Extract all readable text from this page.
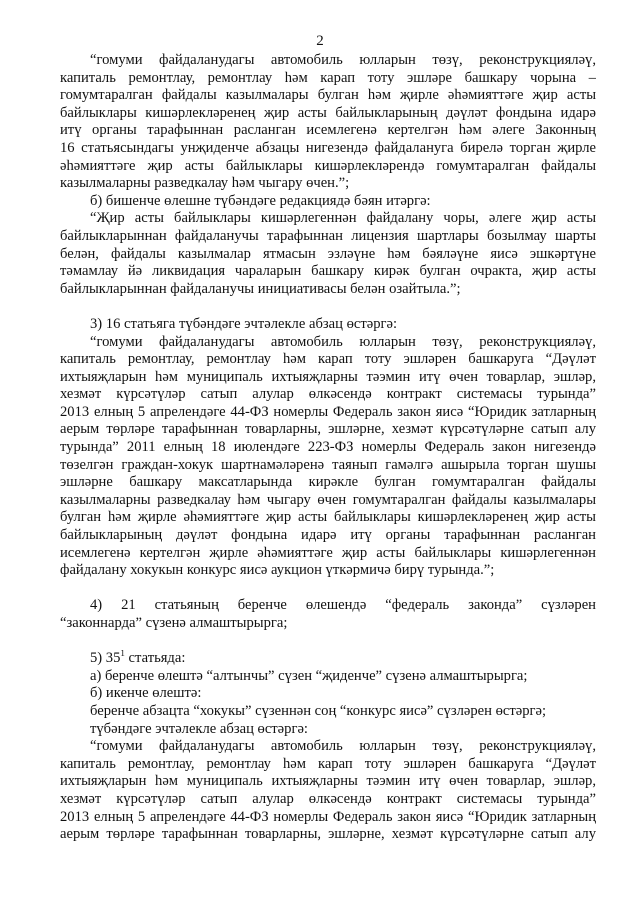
2
“гомуми файдаланудагы автомобиль юлларын төзү, реконструкцияләү,
капиталь ремонтлау, ремонтлау һәм карап тоту эшләре башкару чорына –
гомумтаралган файдалы казылмалары булган һәм җирле әһәмияттәге җир асты
байлыклары кишәрлекләренең җир асты байлыкларының дәүләт фондына идарә
итү органы тарафыннан расланган исемлегенә кертелгән һәм әлеге Законның
16 статьясындагы унҗиденче абзацы нигезендә файдалануга бирелә торган җирле
әһәмияттәге җир асты байлыклары кишәрлекләрендә гомумтаралган файдалы
казылмаларны разведкалау һәм чыгару өчен.”;
б) бишенче өлешне түбәндәге редакциядә бәян итәргә:
“Җир асты байлыклары кишәрлегеннән файдалану чоры, әлеге җир асты
байлыкларыннан файдаланучы тарафыннан лицензия шартлары бозылмау шарты
белән, файдалы казылмалар ятмасын эзләүне һәм бәяләүне яисә эшкәртүне
тәмамлау йә ликвидация чараларын башкару кирәк булган очракта, җир асты
байлыкларыннан файдаланучы инициативасы белән озайтыла.”;
3) 16 статьяга түбәндәге эчтәлекле абзац өстәргә:
“гомуми файдаланудагы автомобиль юлларын төзү, реконструкцияләү,
капиталь ремонтлау, ремонтлау һәм карап тоту эшләрен башкаруга “Дәүләт
ихтыяҗларын һәм муниципаль ихтыяҗларны тәэмин итү өчен товарлар, эшләр,
хезмәт күрсәтүләр сатып алулар өлкәсендә контракт системасы турында”
2013 елның 5 апрелендәге 44-ФЗ номерлы Федераль закон яисә “Юридик затларның
аерым төрләре тарафыннан товарларны, эшләрне, хезмәт күрсәтүләрне сатып алу
турында” 2011 елның 18 июлендәге 223-ФЗ номерлы Федераль закон нигезендә
төзелгән граждан-хокук шартнамәләренә таянып гамәлгә ашырыла торган шушы
эшләрне башкару максатларында кирәкле булган гомумтаралган файдалы
казылмаларны разведкалау һәм чыгару өчен гомумтаралган файдалы казылмалары
булган һәм җирле әһәмияттәге җир асты байлыклары кишәрлекләренең җир асты
байлыкларының дәүләт фондына идарә итү органы тарафыннан расланган
исемлегенә кертелгән җирле әһәмияттәге җир асты байлыклары кишәрлегеннән
файдалану хокукын конкурс яисә аукцион үткәрмичә бирү турында.”;
4) 21 статьяның беренче өлешендә “федераль законда” сүзләрен
“законнарда” сүзенә алмаштырырга;
5) $35^1$ статьяда:
а) беренче өлештә “алтынчы” сүзен “җиденче” сүзенә алмаштырырга;
б) икенче өлештә:
беренче абзацта “хокукы” сүзеннән соң “конкурс яисә” сүзләрен өстәргә;
түбәндәге эчтәлекле абзац өстәргә:
“гомуми файдаланудагы автомобиль юлларын төзү, реконструкцияләү,
капиталь ремонтлау, ремонтлау һәм карап тоту эшләрен башкаруга “Дәүләт
ихтыяҗларын һәм муниципаль ихтыяҗларны тәэмин итү өчен товарлар, эшләр,
хезмәт күрсәтүләр сатып алулар өлкәсендә контракт системасы турында”
2013 елның 5 апрелендәге 44-ФЗ номерлы Федераль закон яисә “Юридик затларның
аерым төрләре тарафыннан товарларны, эшләрне, хезмәт күрсәтүләрне сатып алу
